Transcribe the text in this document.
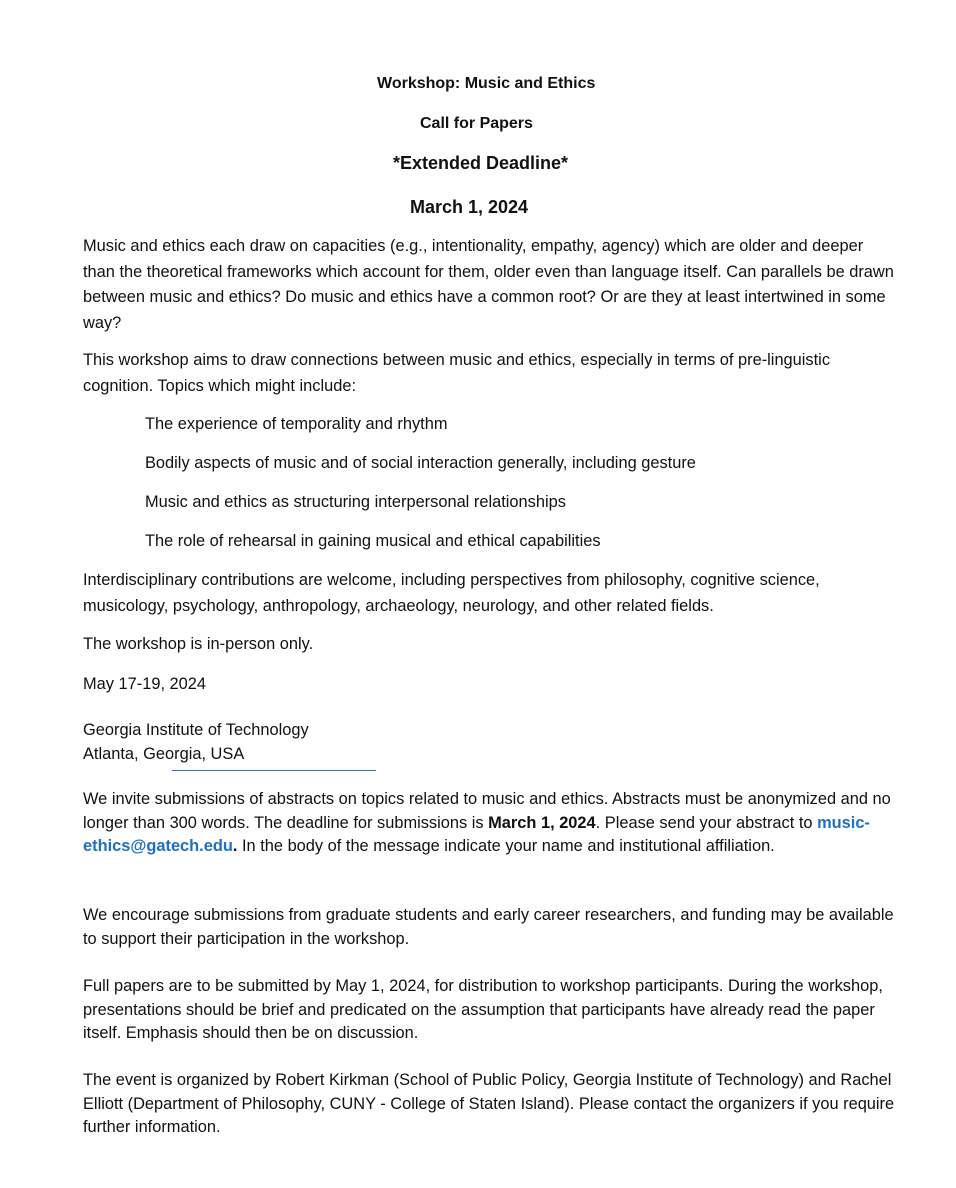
Workshop: Music and Ethics
Call for Papers
*Extended Deadline*
March 1, 2024

Music and ethics each draw on capacities (e.g., intentionality, empathy, agency) which are older and deeper than the theoretical frameworks which account for them, older even than language itself. Can parallels be drawn between music and ethics? Do music and ethics have a common root? Or are they at least intertwined in some way?

This workshop aims to draw connections between music and ethics, especially in terms of pre-linguistic cognition. Topics which might include:

The experience of temporality and rhythm
Bodily aspects of music and of social interaction generally, including gesture
Music and ethics as structuring interpersonal relationships
The role of rehearsal in gaining musical and ethical capabilities

Interdisciplinary contributions are welcome, including perspectives from philosophy, cognitive science, musicology, psychology, anthropology, archaeology, neurology, and other related fields.

The workshop is in-person only.

May 17-19, 2024

Georgia Institute of Technology
Atlanta, Georgia, USA

We invite submissions of abstracts on topics related to music and ethics. Abstracts must be anonymized and no longer than 300 words. The deadline for submissions is March 1, 2024. Please send your abstract to music-ethics@gatech.edu. In the body of the message indicate your name and institutional affiliation.

We encourage submissions from graduate students and early career researchers, and funding may be available to support their participation in the workshop.

Full papers are to be submitted by May 1, 2024, for distribution to workshop participants. During the workshop, presentations should be brief and predicated on the assumption that participants have already read the paper itself. Emphasis should then be on discussion.

The event is organized by Robert Kirkman (School of Public Policy, Georgia Institute of Technology) and Rachel Elliott (Department of Philosophy, CUNY - College of Staten Island). Please contact the organizers if you require further information.
